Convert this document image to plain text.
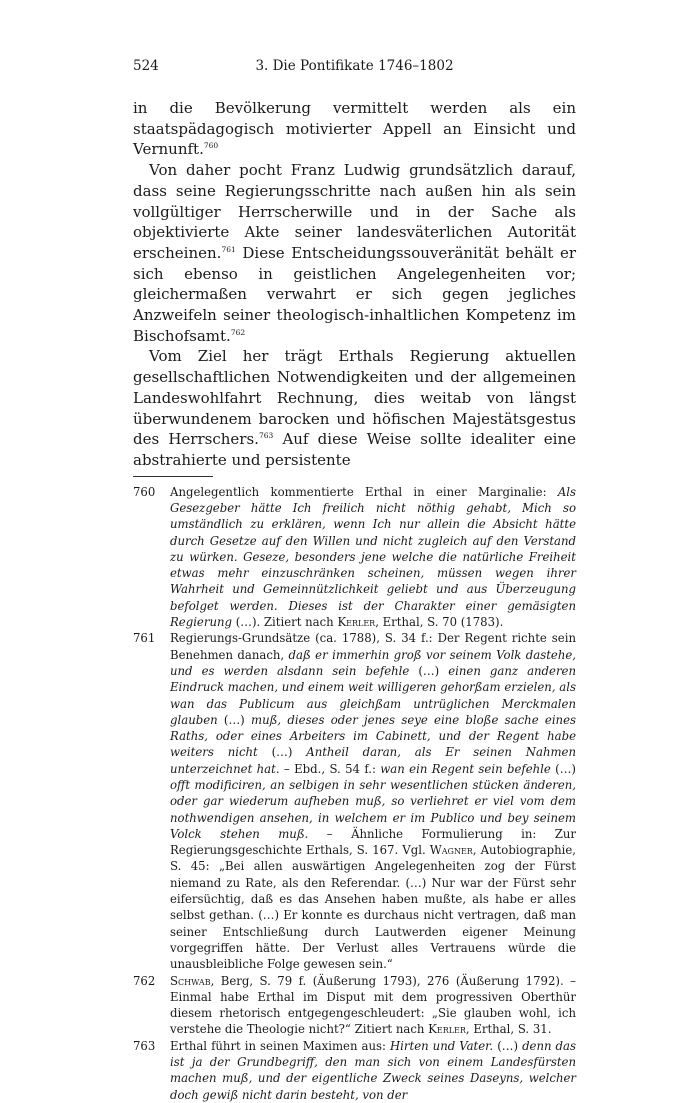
3. Die Pontifikate 1746–1802
524

in die Bevölkerung vermittelt werden als ein staatspädagogisch motivierter Appell an Einsicht und Vernunft.$^{760}$

Von daher pocht Franz Ludwig grundsätzlich darauf, dass seine Regierungsschritte nach außen hin als sein vollgültiger Herrscherwille und in der Sache als objektivierte Akte seiner landesväterlichen Autorität erscheinen.$^{761}$ Diese Entscheidungssouveränität behält er sich ebenso in geistlichen Angelegenheiten vor; gleichermaßen verwahrt er sich gegen jegliches Anzweifeln seiner theologisch-inhaltlichen Kompetenz im Bischofsamt.$^{762}$

Vom Ziel her trägt Erthals Regierung aktuellen gesellschaftlichen Notwendigkeiten und der allgemeinen Landeswohlfahrt Rechnung, dies weitab von längst überwundenem barocken und höfischen Majestätsgestus des Herrschers.$^{763}$ Auf diese Weise sollte idealiter eine abstrahierte und persistente

760 Angelegentlich kommentierte Erthal in einer Marginalie: Als Gesezgeber hätte Ich freilich nicht nöthig gehabt, Mich so umständlich zu erklären, wenn Ich nur allein die Absicht hätte durch Gesetze auf den Willen und nicht zugleich auf den Verstand zu würken. Geseze, besonders jene welche die natürliche Freiheit etwas mehr einzuschränken scheinen, müssen wegen ihrer Wahrheit und Gemeinnützlichkeit geliebt und aus Überzeugung befolget werden. Dieses ist der Charakter einer gemäsigten Regierung (…). Zitiert nach Kerler, Erthal, S. 70 (1783).
761 Regierungs-Grundsätze (ca. 1788), S. 34 f.: Der Regent richte sein Benehmen danach, daß er immerhin groß vor seinem Volk dastehe, und es werden alsdann sein befehle (…) einen ganz anderen Eindruck machen, und einem weit willigeren gehorßam erzielen, als wan das Publicum aus gleichßam untrüglichen Merckmalen glauben (…) muß, dieses oder jenes seye eine bloße sache eines Raths, oder eines Arbeiters im Cabinett, und der Regent habe weiters nicht (…) Antheil daran, als Er seinen Nahmen unterzeichnet hat. – Ebd., S. 54 f.: wan ein Regent sein befehle (…) offt modificiren, an selbigen in sehr wesentlichen stücken änderen, oder gar wiederum aufheben muß, so verliehret er viel vom dem nothwendigen ansehen, in welchem er im Publico und bey seinem Volck stehen muß. – Ähnliche Formulierung in: Zur Regierungsgeschichte Erthals, S. 167. Vgl. Wagner, Autobiographie, S. 45: „Bei allen auswärtigen Angelegenheiten zog der Fürst niemand zu Rate, als den Referendar. (…) Nur war der Fürst sehr eifersüchtig, daß es das Ansehen haben mußte, als habe er alles selbst gethan. (…) Er konnte es durchaus nicht vertragen, daß man seiner Entschließung durch Lautwerden eigener Meinung vorgegriffen hätte. Der Verlust alles Vertrauens würde die unausbleibliche Folge gewesen sein.“
762 Schwab, Berg, S. 79 f. (Äußerung 1793), 276 (Äußerung 1792). – Einmal habe Erthal im Disput mit dem progressiven Oberthür diesem rhetorisch entgegengeschleudert: „Sie glauben wohl, ich verstehe die Theologie nicht?“ Zitiert nach Kerler, Erthal, S. 31.
763 Erthal führt in seinen Maximen aus: Hirten und Vater. (…) denn das ist ja der Grundbegriff, den man sich von einem Landesfürsten machen muß, und der eigentliche Zweck seines Daseyns, welcher doch gewiß nicht darin besteht, von der
